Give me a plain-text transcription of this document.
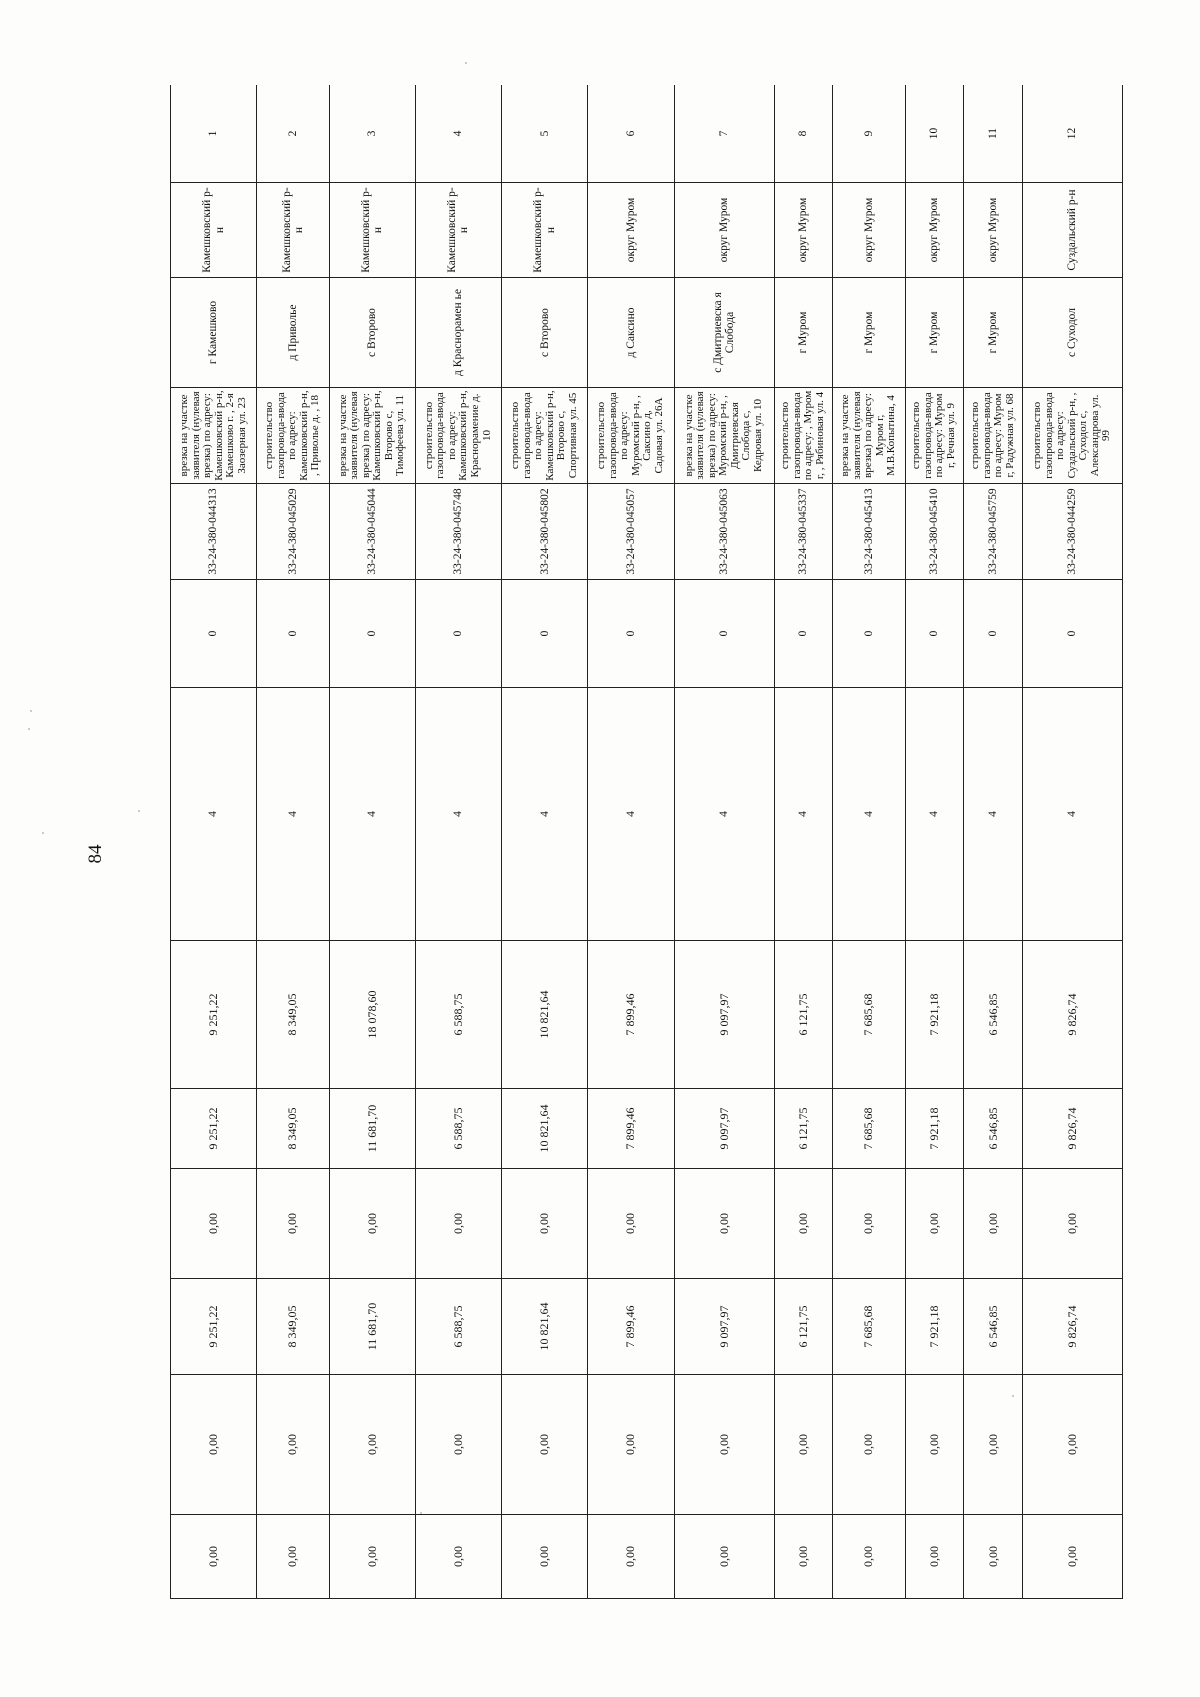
84
0,00	0,00	9 251,22	0,00	9 251,22	9 251,22	4	0	33-24-380-044313	врезка на участке заявителя (нулевая врезка) по адресу: Камешковский р-н, Камешково г. , 2-я Заозерная ул. 23	г Камешково	Камешковский р-н	1
0,00	0,00	8 349,05	0,00	8 349,05	8 349,05	4	0	33-24-380-045029	строительство газопровода-ввода по адресу: Камешковский р-н, , Приволье д. , 18	д Приволье	Камешковский р-н	2
0,00	0,00	11 681,70	0,00	11 681,70	18 078,60	4	0	33-24-380-045044	врезка на участке заявителя (нулевая врезка) по адресу: Камешковский р-н, Второво с, Тимофеева ул. 11	с Второво	Камешковский р-н	3
0,00	0,00	6 588,75	0,00	6 588,75	6 588,75	4	0	33-24-380-045748	строительство газопровода-ввода по адресу: Камешковский р-н, Краснорамение д. 10	д Краснорамен ье	Камешковский р-н	4
0,00	0,00	10 821,64	0,00	10 821,64	10 821,64	4	0	33-24-380-045802	строительство газопровода-ввода по адресу: Камешковский р-н, Второво с, Спортивная ул. 45	с Второво	Камешковский р-н	5
0,00	0,00	7 899,46	0,00	7 899,46	7 899,46	4	0	33-24-380-045057	строительство газопровода-ввода по адресу: Муромский р-н, , Саксино д, Садовая ул. 26А	д Саксино	округ Муром	6
0,00	0,00	9 097,97	0,00	9 097,97	9 097,97	4	0	33-24-380-045063	врезка на участке заявителя (нулевая врезка) по адресу: Муромский р-н, , Дмитриевская Слобода с, Кедровая ул. 10	с Дмитриевска я Слобода	округ Муром	7
0,00	0,00	6 121,75	0,00	6 121,75	6 121,75	4	0	33-24-380-045337	строительство газопровода-ввода по адресу: , Муром г, , Рябиновая ул. 4	г Муром	округ Муром	8
0,00	0,00	7 685,68	0,00	7 685,68	7 685,68	4	0	33-24-380-045413	врезка на участке заявителя (нулевая врезка) по адресу: Муром г, М.В.Копытина, 4	г Муром	округ Муром	9
0,00	0,00	7 921,18	0,00	7 921,18	7 921,18	4	0	33-24-380-045410	строительство газопровода-ввода по адресу: Муром г, Речная ул. 9	г Муром	округ Муром	10
0,00	0,00	6 546,85	0,00	6 546,85	6 546,85	4	0	33-24-380-045759	строительство газопровода-ввода по адресу: Муром г, Радужная ул. 68	г Муром	округ Муром	11
0,00	0,00	9 826,74	0,00	9 826,74	9 826,74	4	0	33-24-380-044259	строительство газопровода-ввода по адресу: Суздальский р-н, , Суходол с, Александрова ул. 99	с Суходол	Суздальский р-н	12
